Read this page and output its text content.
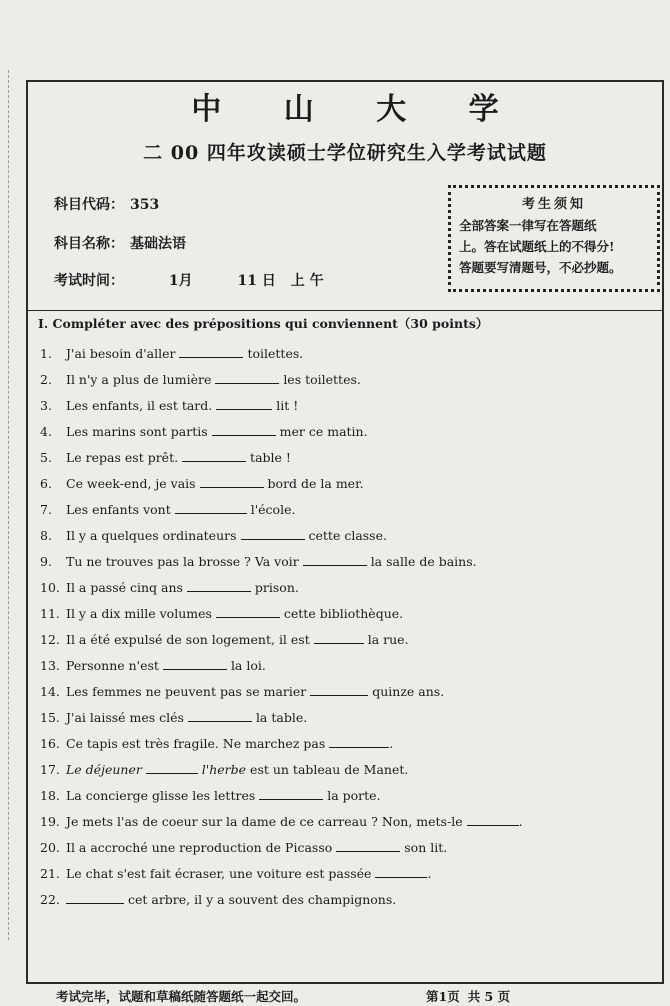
中 山 大 学
二 00 四年攻读硕士学位研究生入学考试试题
科目代码： 353
科目名称： 基础法语
考试时间：	1月	11 日 上 午
考生须知
全部答案一律写在答题纸
上。答在试题纸上的不得分!
答题要写清题号，不必抄题。
I. Compléter avec des prépositions qui conviennent（30 points）
1. J'ai besoin d'aller	toilettes.
2. Il n'y a plus de lumière	les toilettes.
3. Les enfants, il est tard.	lit !
4. Les marins sont partis	mer ce matin.
5. Le repas est prêt.	table !
6. Ce week-end, je vais	bord de la mer.
7. Les enfants vont	l'école.
8. Il y a quelques ordinateurs	cette classe.
9. Tu ne trouves pas la brosse ? Va voir	la salle de bains.
10. Il a passé cinq ans	prison.
11. Il y a dix mille volumes	cette bibliothèque.
12. Il a été expulsé de son logement, il est	la rue.
13. Personne n'est	la loi.
14. Les femmes ne peuvent pas se marier	quinze ans.
15. J'ai laissé mes clés	la table.
16. Ce tapis est très fragile. Ne marchez pas	.
17. Le déjeuner	l'herbe est un tableau de Manet.
18. La concierge glisse les lettres	la porte.
19. Je mets l'as de coeur sur la dame de ce carreau ? Non, mets-le	.
20. Il a accroché une reproduction de Picasso	son lit.
21. Le chat s'est fait écraser, une voiture est passée	.
22.	cet arbre, il y a souvent des champignons.
考试完毕，试题和草稿纸随答题纸一起交回。	第1页 共 5 页
